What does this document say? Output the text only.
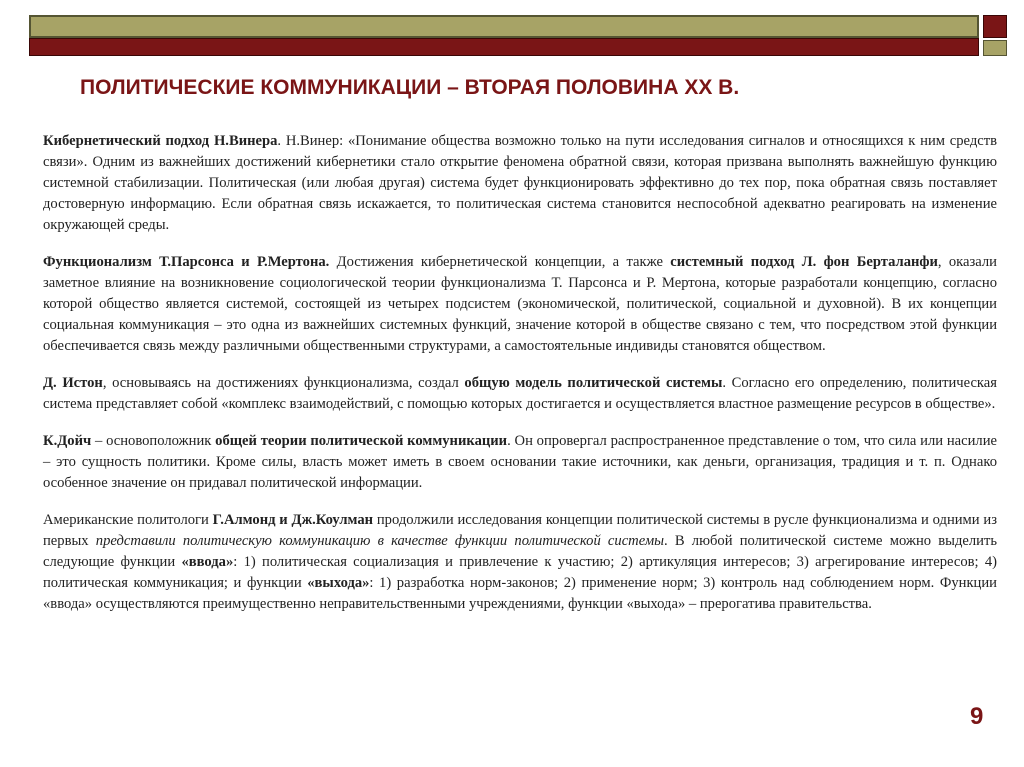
ПОЛИТИЧЕСКИЕ КОММУНИКАЦИИ – ВТОРАЯ ПОЛОВИНА XX В.

Кибернетический подход Н.Винера. Н.Винер: «Понимание общества возможно только на пути исследования сигналов и относящихся к ним средств связи». Одним из важнейших достижений кибернетики стало открытие феномена обратной связи, которая призвана выполнять важнейшую функцию системной стабилизации. Политическая (или любая другая) система будет функционировать эффективно до тех пор, пока обратная связь поставляет достоверную информацию. Если обратная связь искажается, то политическая система становится неспособной адекватно реагировать на изменение окружающей среды.

Функционализм Т.Парсонса и Р.Мертона. Достижения кибернетической концепции, а также системный подход Л. фон Берталанфи, оказали заметное влияние на возникновение социологической теории функционализма Т. Парсонса и Р. Мертона, которые разработали концепцию, согласно которой общество является системой, состоящей из четырех подсистем (экономической, политической, социальной и духовной). В их концепции социальная коммуникация – это одна из важнейших системных функций, значение которой в обществе связано с тем, что посредством этой функции обеспечивается связь между различными общественными структурами, а самостоятельные индивиды становятся обществом.

Д. Истон, основываясь на достижениях функционализма, создал общую модель политической системы. Согласно его определению, политическая система представляет собой «комплекс взаимодействий, с помощью которых достигается и осуществляется властное размещение ресурсов в обществе».

К.Дойч – основоположник общей теории политической коммуникации. Он опровергал распространенное представление о том, что сила или насилие – это сущность политики. Кроме силы, власть может иметь в своем основании такие источники, как деньги, организация, традиция и т. п. Однако особенное значение он придавал политической информации.

Американские политологи Г.Алмонд и Дж.Коулман продолжили исследования концепции политической системы в русле функционализма и одними из первых представили политическую коммуникацию в качестве функции политической системы. В любой политической системе можно выделить следующие функции «ввода»: 1) политическая социализация и привлечение к участию; 2) артикуляция интересов; 3) агрегирование интересов; 4) политическая коммуникация; и функции «выхода»: 1) разработка норм-законов; 2) применение норм; 3) контроль над соблюдением норм. Функции «ввода» осуществляются преимущественно неправительственными учреждениями, функции «выхода» – прерогатива правительства.

9
